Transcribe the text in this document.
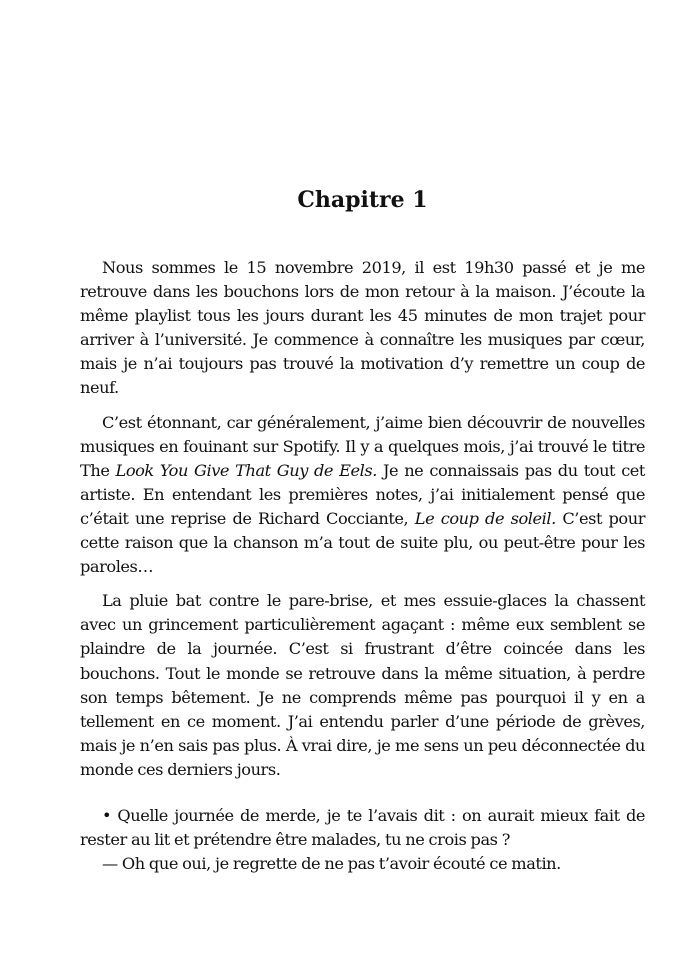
Chapitre 1

Nous sommes le 15 novembre 2019, il est 19h30 passé et je me retrouve dans les bouchons lors de mon retour à la maison. J’écoute la même playlist tous les jours durant les 45 minutes de mon trajet pour arriver à l’université. Je commence à connaître les musiques par cœur, mais je n’ai toujours pas trouvé la motivation d’y remettre un coup de neuf.

C’est étonnant, car généralement, j’aime bien découvrir de nouvelles musiques en fouinant sur Spotify. Il y a quelques mois, j’ai trouvé le titre The Look You Give That Guy de Eels. Je ne connaissais pas du tout cet artiste. En entendant les premières notes, j’ai initialement pensé que c’était une reprise de Richard Cocciante, Le coup de soleil. C’est pour cette raison que la chanson m’a tout de suite plu, ou peut-être pour les paroles…

La pluie bat contre le pare-brise, et mes essuie-glaces la chassent avec un grincement particulièrement agaçant : même eux semblent se plaindre de la journée. C’est si frustrant d’être coincée dans les bouchons. Tout le monde se retrouve dans la même situation, à perdre son temps bêtement. Je ne comprends même pas pourquoi il y en a tellement en ce moment. J’ai entendu parler d’une période de grèves, mais je n’en sais pas plus. À vrai dire, je me sens un peu déconnectée du monde ces derniers jours.

• Quelle journée de merde, je te l’avais dit : on aurait mieux fait de rester au lit et prétendre être malades, tu ne crois pas ?

— Oh que oui, je regrette de ne pas t’avoir écouté ce matin.
